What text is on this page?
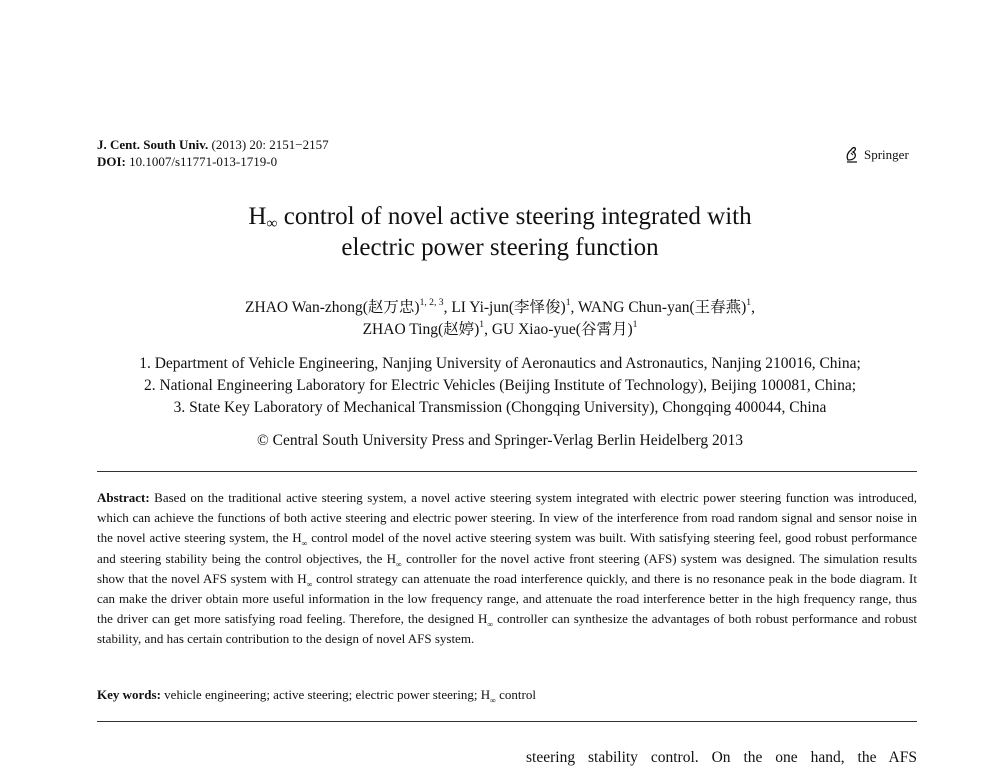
J. Cent. South Univ. (2013) 20: 2151−2157
DOI: 10.1007/s11771-013-1719-0	Springer
$H_\infty$ control of novel active steering integrated with
electric power steering function
ZHAO Wan-zhong(赵万忠)$^{1, 2, 3}$, LI Yi-jun(李怿俊)$^1$, WANG Chun-yan(王春燕)$^1$,
ZHAO Ting(赵婷)$^1$, GU Xiao-yue(谷霄月)$^1$
1. Department of Vehicle Engineering, Nanjing University of Aeronautics and Astronautics, Nanjing 210016, China;
2. National Engineering Laboratory for Electric Vehicles (Beijing Institute of Technology), Beijing 100081, China;
3. State Key Laboratory of Mechanical Transmission (Chongqing University), Chongqing 400044, China
© Central South University Press and Springer-Verlag Berlin Heidelberg 2013
Abstract: Based on the traditional active steering system, a novel active steering system integrated with electric power steering function was introduced, which can achieve the functions of both active steering and electric power steering. In view of the interference from road random signal and sensor noise in the novel active steering system, the $H_\infty$ control model of the novel active steering system was built. With satisfying steering feel, good robust performance and steering stability being the control objectives, the $H_\infty$ controller for the novel active front steering (AFS) system was designed. The simulation results show that the novel AFS system with $H_\infty$ control strategy can attenuate the road interference quickly, and there is no resonance peak in the bode diagram. It can make the driver obtain more useful information in the low frequency range, and attenuate the road interference better in the high frequency range, thus the driver can get more satisfying road feeling. Therefore, the designed $H_\infty$ controller can synthesize the advantages of both robust performance and robust stability, and has certain contribution to the design of novel AFS system.
Key words: vehicle engineering; active steering; electric power steering; $H_\infty$ control
steering stability control. On the one hand, the AFS
